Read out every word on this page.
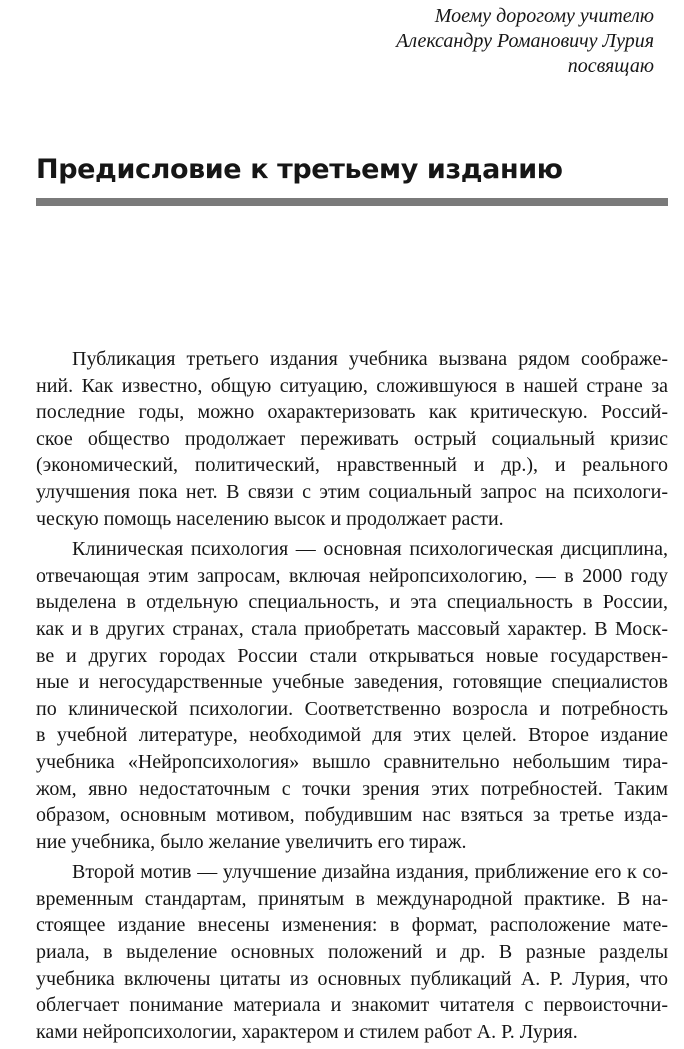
Моему дорогому учителю
Александру Романовичу Лурия
посвящаю
Предисловие к третьему изданию
Публикация третьего издания учебника вызвана рядом соображе-
ний. Как известно, общую ситуацию, сложившуюся в нашей стране за
последние годы, можно охарактеризовать как критическую. Россий-
ское общество продолжает переживать острый социальный кризис
(экономический, политический, нравственный и др.), и реального
улучшения пока нет. В связи с этим социальный запрос на психологи-
ческую помощь населению высок и продолжает расти.
Клиническая психология — основная психологическая дисциплина,
отвечающая этим запросам, включая нейропсихологию, — в 2000 году
выделена в отдельную специальность, и эта специальность в России,
как и в других странах, стала приобретать массовый характер. В Моск-
ве и других городах России стали открываться новые государствен-
ные и негосударственные учебные заведения, готовящие специалистов
по клинической психологии. Соответственно возросла и потребность
в учебной литературе, необходимой для этих целей. Второе издание
учебника «Нейропсихология» вышло сравнительно небольшим тира-
жом, явно недостаточным с точки зрения этих потребностей. Таким
образом, основным мотивом, побудившим нас взяться за третье изда-
ние учебника, было желание увеличить его тираж.
Второй мотив — улучшение дизайна издания, приближение его к со-
временным стандартам, принятым в международной практике. В на-
стоящее издание внесены изменения: в формат, расположение мате-
риала, в выделение основных положений и др. В разные разделы
учебника включены цитаты из основных публикаций А. Р. Лурия, что
облегчает понимание материала и знакомит читателя с первоисточни-
ками нейропсихологии, характером и стилем работ А. Р. Лурия.
